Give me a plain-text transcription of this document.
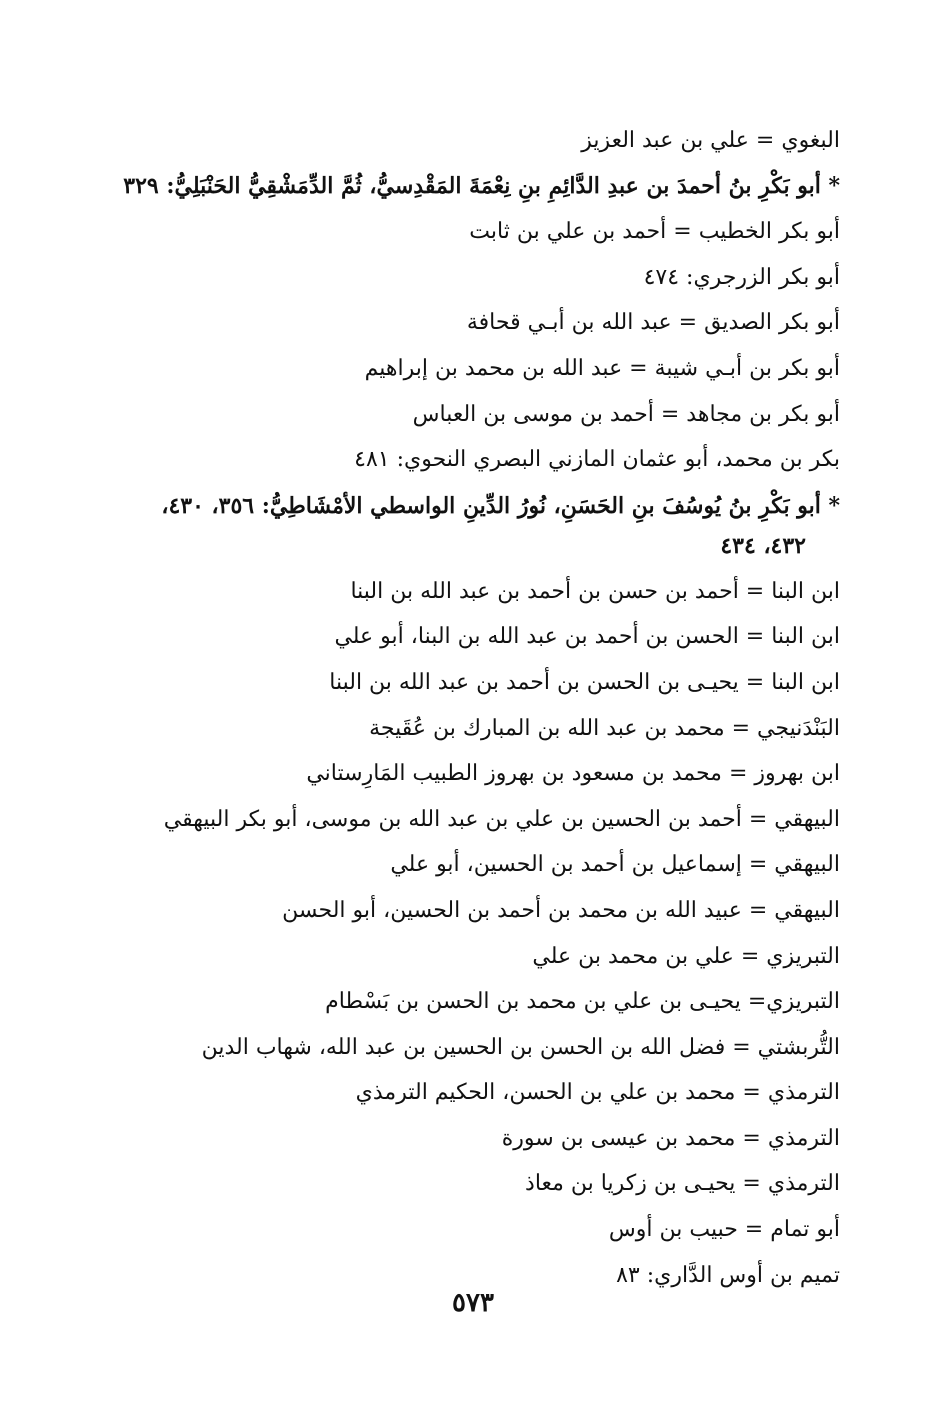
البغوي = علي بن عبد العزيز
* أبو بَكْرِ بنُ أحمدَ بن عبدِ الدَّائِمِ بنِ نِعْمَةَ المَقْدِسيُّ، ثُمَّ الدِّمَشْقِيُّ الحَنْبَلِيُّ: ٣٢٩
أبو بكر الخطيب = أحمد بن علي بن ثابت
أبو بكر الزرجري: ٤٧٤
أبو بكر الصديق = عبد الله بن أبـي قحافة
أبو بكر بن أبـي شيبة = عبد الله بن محمد بن إبراهيم
أبو بكر بن مجاهد = أحمد بن موسى بن العباس
بكر بن محمد، أبو عثمان المازني البصري النحوي: ٤٨١
* أبو بَكْرِ بنُ يُوسُفَ بنِ الحَسَنِ، نُورُ الدِّينِ الواسطي الأمْشَاطِيُّ: ٣٥٦، ٤٣٠،
٤٣٢، ٤٣٤
ابن البنا = أحمد بن حسن بن أحمد بن عبد الله بن البنا
ابن البنا = الحسن بن أحمد بن عبد الله بن البنا، أبو علي
ابن البنا = يحيـى بن الحسن بن أحمد بن عبد الله بن البنا
البَنْدَنيجي = محمد بن عبد الله بن المبارك بن عُقَيجة
ابن بهروز = محمد بن مسعود بن بهروز الطبيب المَارِستاني
البيهقي = أحمد بن الحسين بن علي بن عبد الله بن موسى، أبو بكر البيهقي
البيهقي = إسماعيل بن أحمد بن الحسين، أبو علي
البيهقي = عبيد الله بن محمد بن أحمد بن الحسين، أبو الحسن
التبريزي = علي بن محمد بن علي
التبريزي= يحيـى بن علي بن محمد بن الحسن بن بَسْطام
التُّربشتي = فضل الله بن الحسن بن الحسين بن عبد الله، شهاب الدين
الترمذي = محمد بن علي بن الحسن، الحكيم الترمذي
الترمذي = محمد بن عيسى بن سورة
الترمذي = يحيـى بن زكريا بن معاذ
أبو تمام = حبيب بن أوس
تميم بن أوس الدَّاري: ٨٣
٥٧٣
